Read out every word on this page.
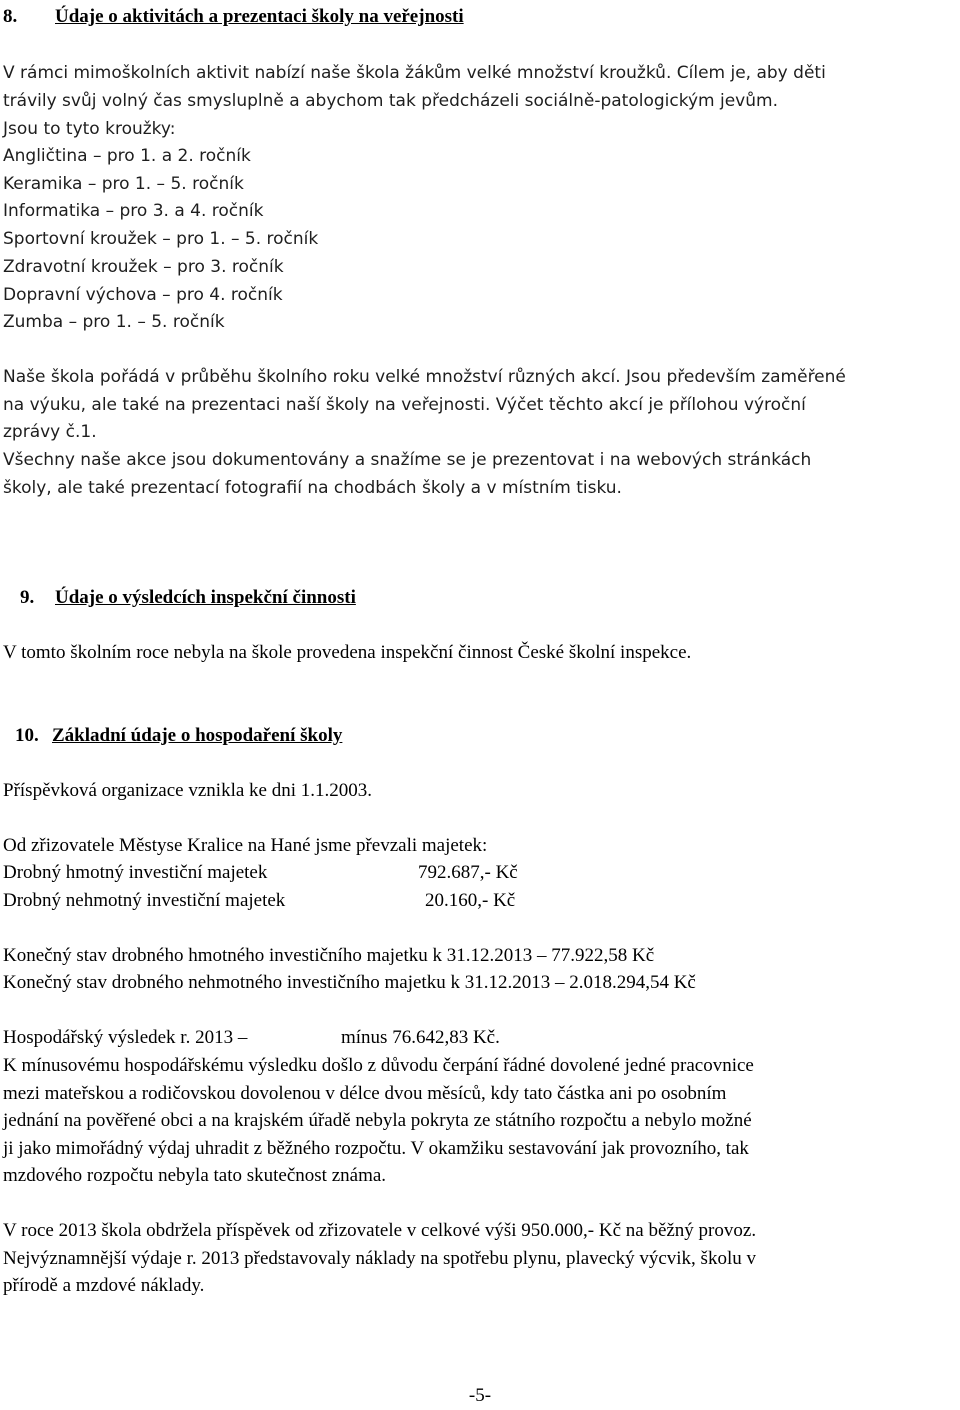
8. Údaje o aktivitách a prezentaci školy na veřejnosti
V rámci mimoškolních aktivit nabízí naše škola žákům velké množství kroužků. Cílem je, aby děti
trávily svůj volný čas smysluplně a abychom tak předcházeli sociálně-patologickým jevům.
Jsou to tyto kroužky:
Angličtina – pro 1. a 2. ročník
Keramika – pro 1. – 5. ročník
Informatika – pro 3. a 4. ročník
Sportovní kroužek – pro 1. – 5. ročník
Zdravotní kroužek – pro 3. ročník
Dopravní výchova – pro 4. ročník
Zumba – pro 1. – 5. ročník
Naše škola pořádá v průběhu školního roku velké množství různých akcí. Jsou především zaměřené
na výuku, ale také na prezentaci naší školy na veřejnosti. Výčet těchto akcí je přílohou výroční
zprávy č.1.
Všechny naše akce jsou dokumentovány a snažíme se je prezentovat i na webových stránkách
školy, ale také prezentací fotografií na chodbách školy a v místním tisku.
9. Údaje o výsledcích inspekční činnosti
V tomto školním roce nebyla na škole provedena inspekční činnost České školní inspekce.
10. Základní údaje o hospodaření školy
Příspěvková organizace vznikla ke dni 1.1.2003.
Od zřizovatele Městyse Kralice na Hané jsme převzali majetek:
Drobný hmotný investiční majetek	792.687,- Kč
Drobný nehmotný investiční majetek	20.160,- Kč
Konečný stav drobného hmotného investičního majetku k 31.12.2013 – 77.922,58 Kč
Konečný stav drobného nehmotného investičního majetku k 31.12.2013 – 2.018.294,54 Kč
Hospodářský výsledek r. 2013 –	mínus 76.642,83 Kč.
K mínusovému hospodářskému výsledku došlo z důvodu čerpání řádné dovolené jedné pracovnice
mezi mateřskou a rodičovskou dovolenou v délce dvou měsíců, kdy tato částka ani po osobním
jednání na pověřené obci a na krajském úřadě nebyla pokryta ze státního rozpočtu a nebylo možné
ji jako mimořádný výdaj uhradit z běžného rozpočtu. V okamžiku sestavování jak provozního, tak
mzdového rozpočtu nebyla tato skutečnost známa.
V roce 2013 škola obdržela příspěvek od zřizovatele v celkové výši 950.000,- Kč na běžný provoz.
Nejvýznamnější výdaje r. 2013 představovaly náklady na spotřebu plynu, plavecký výcvik, školu v
přírodě a mzdové náklady.
-5-
